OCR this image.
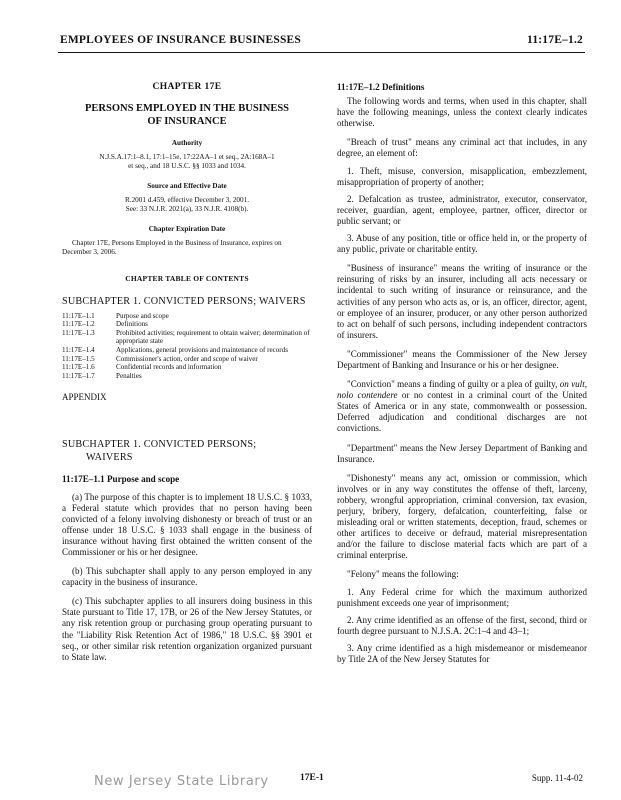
EMPLOYEES OF INSURANCE BUSINESSES	11:17E–1.2
CHAPTER 17E
PERSONS EMPLOYED IN THE BUSINESS
OF INSURANCE
Authority
N.J.S.A.17:1–8.1, 17:1–15e, 17:22AA–1 et seq., 2A:168A–1
et seq., and 18 U.S.C. §§ 1033 and 1034.
Source and Effective Date
R.2001 d.459, effective December 3, 2001.
See: 33 N.J.R. 2021(a), 33 N.J.R. 4108(b).
Chapter Expiration Date
Chapter 17E, Persons Employed in the Business of Insurance, expires on December 3, 2006.
CHAPTER TABLE OF CONTENTS
SUBCHAPTER 1. CONVICTED PERSONS; WAIVERS
11:17E–1.1	Purpose and scope
11:17E–1.2	Definitions
11:17E–1.3	Prohibited activities; requirement to obtain waiver; determination of appropriate state
11:17E–1.4	Applications, general provisions and maintenance of records
11:17E–1.5	Commissioner's action, order and scope of waiver
11:17E–1.6	Confidential records and information
11:17E–1.7	Penalties
APPENDIX
SUBCHAPTER 1. CONVICTED PERSONS;
WAIVERS
11:17E–1.1 Purpose and scope

(a) The purpose of this chapter is to implement 18 U.S.C. § 1033, a Federal statute which provides that no person having been convicted of a felony involving dishonesty or breach of trust or an offense under 18 U.S.C. § 1033 shall engage in the business of insurance without having first obtained the written consent of the Commissioner or his or her designee.

(b) This subchapter shall apply to any person employed in any capacity in the business of insurance.

(c) This subchapter applies to all insurers doing business in this State pursuant to Title 17, 17B, or 26 of the New Jersey Statutes, or any risk retention group or purchasing group operating pursuant to the "Liability Risk Retention Act of 1986," 18 U.S.C. §§ 3901 et seq., or other similar risk retention organization organized pursuant to State law.

11:17E–1.2 Definitions

The following words and terms, when used in this chapter, shall have the following meanings, unless the context clearly indicates otherwise.

"Breach of trust" means any criminal act that includes, in any degree, an element of:

1. Theft, misuse, conversion, misapplication, embezzlement, misappropriation of property of another;

2. Defalcation as trustee, administrator, executor, conservator, receiver, guardian, agent, employee, partner, officer, director or public servant; or

3. Abuse of any position, title or office held in, or the property of any public, private or charitable entity.

"Business of insurance" means the writing of insurance or the reinsuring of risks by an insurer, including all acts necessary or incidental to such writing of insurance or reinsurance, and the activities of any person who acts as, or is, an officer, director, agent, or employee of an insurer, producer, or any other person authorized to act on behalf of such persons, including independent contractors of insurers.

"Commissioner" means the Commissioner of the New Jersey Department of Banking and Insurance or his or her designee.

"Conviction" means a finding of guilty or a plea of guilty, on vult, nolo contendere or no contest in a criminal court of the United States of America or in any state, commonwealth or possession. Deferred adjudication and conditional discharges are not convictions.

"Department" means the New Jersey Department of Banking and Insurance.

"Dishonesty" means any act, omission or commission, which involves or in any way constitutes the offense of theft, larceny, robbery, wrongful appropriation, criminal conversion, tax evasion, perjury, bribery, forgery, defalcation, counterfeiting, false or misleading oral or written statements, deception, fraud, schemes or other artifices to deceive or defraud, material misrepresentation and/or the failure to disclose material facts which are part of a criminal enterprise.

"Felony" means the following:

1. Any Federal crime for which the maximum authorized punishment exceeds one year of imprisonment;

2. Any crime identified as an offense of the first, second, third or fourth degree pursuant to N.J.S.A. 2C:1–4 and 43–1;

3. Any crime identified as a high misdemeanor or misdemeanor by Title 2A of the New Jersey Statutes for

New Jersey State Library	17E-1	Supp. 11-4-02
